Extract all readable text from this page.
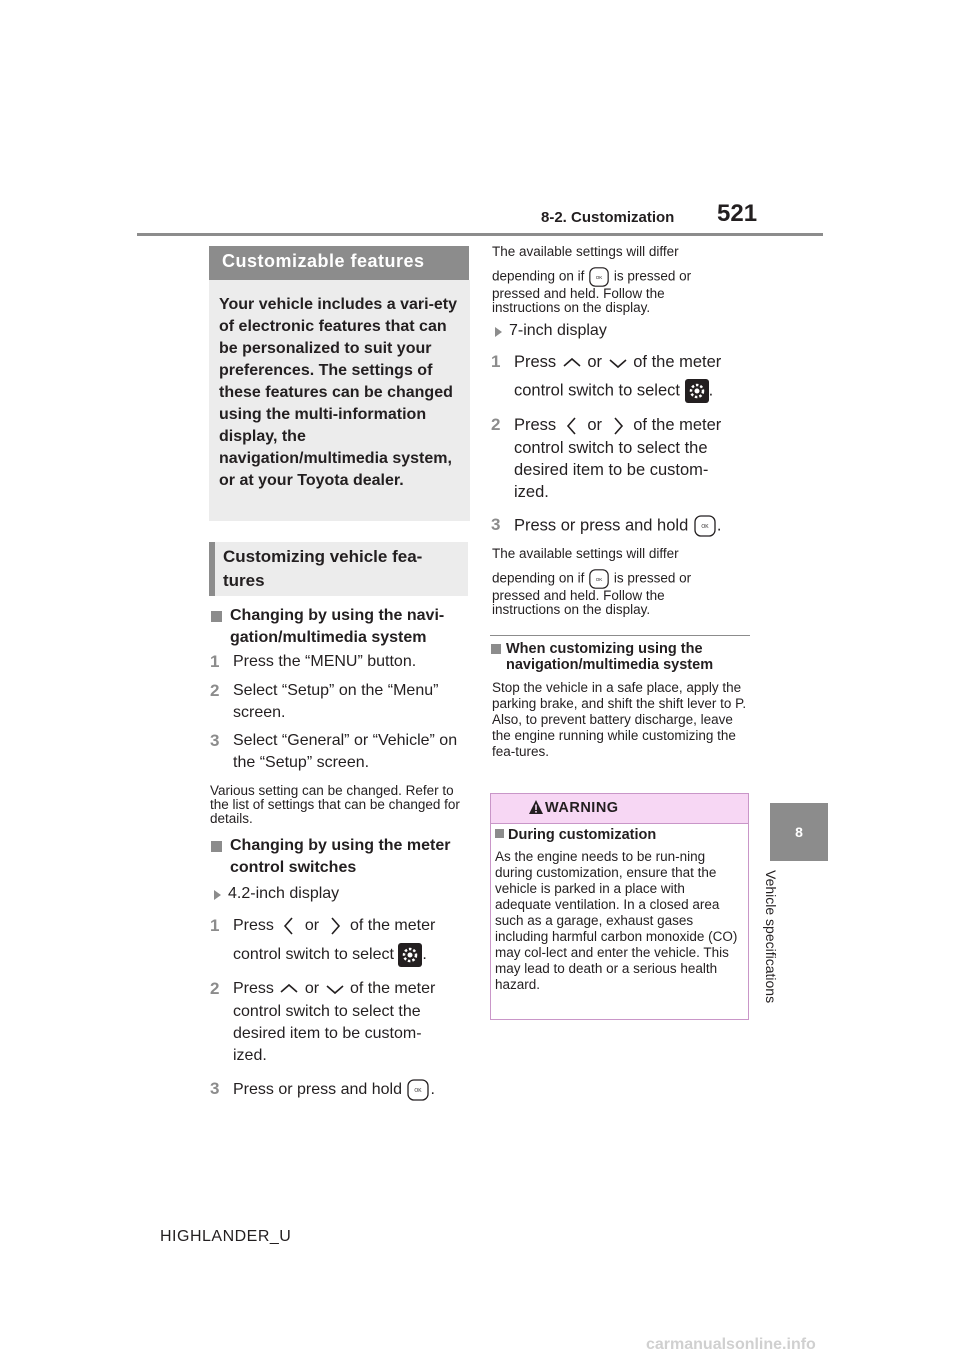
8-2. Customization 521
8
Vehicle specifications
Customizable features
Your vehicle includes a vari-ety of electronic features that can be personalized to suit your preferences. The settings of these features can be changed using the multi-information display, the navigation/multimedia system, or at your Toyota dealer.
Customizing vehicle fea-tures
Changing by using the navi-gation/multimedia system
1 Press the “MENU” button.
2 Select “Setup” on the “Menu” screen.
3 Select “General” or “Vehicle” on the “Setup” screen.
Various setting can be changed. Refer to the list of settings that can be changed for details.
Changing by using the meter control switches
4.2-inch display
1 Press or of the meter
control switch to select .
2 Press or of the meter
control switch to select the desired item to be custom-ized.
3 Press or press and hold	OK .
The available settings will differ
depending on if OK is pressed or
pressed and held. Follow the instructions on the display.
7-inch display
1 Press or of the meter
control switch to select .
2 Press or of the meter
control switch to select the desired item to be custom-ized.
3 Press or press and hold	OK .
The available settings will differ
depending on if OK is pressed or
pressed and held. Follow the instructions on the display.
When customizing using the navigation/multimedia system
Stop the vehicle in a safe place, apply the parking brake, and shift the shift lever to P. Also, to prevent battery discharge, leave the engine running while customizing the fea-tures.
WARNING
During customization
As the engine needs to be run-ning during customization, ensure that the vehicle is parked in a place with adequate ventilation. In a closed area such as a garage, exhaust gases including harmful carbon monoxide (CO) may col-lect and enter the vehicle. This may lead to death or a serious health hazard.
HIGHLANDER_U
carmanualsonline.info
